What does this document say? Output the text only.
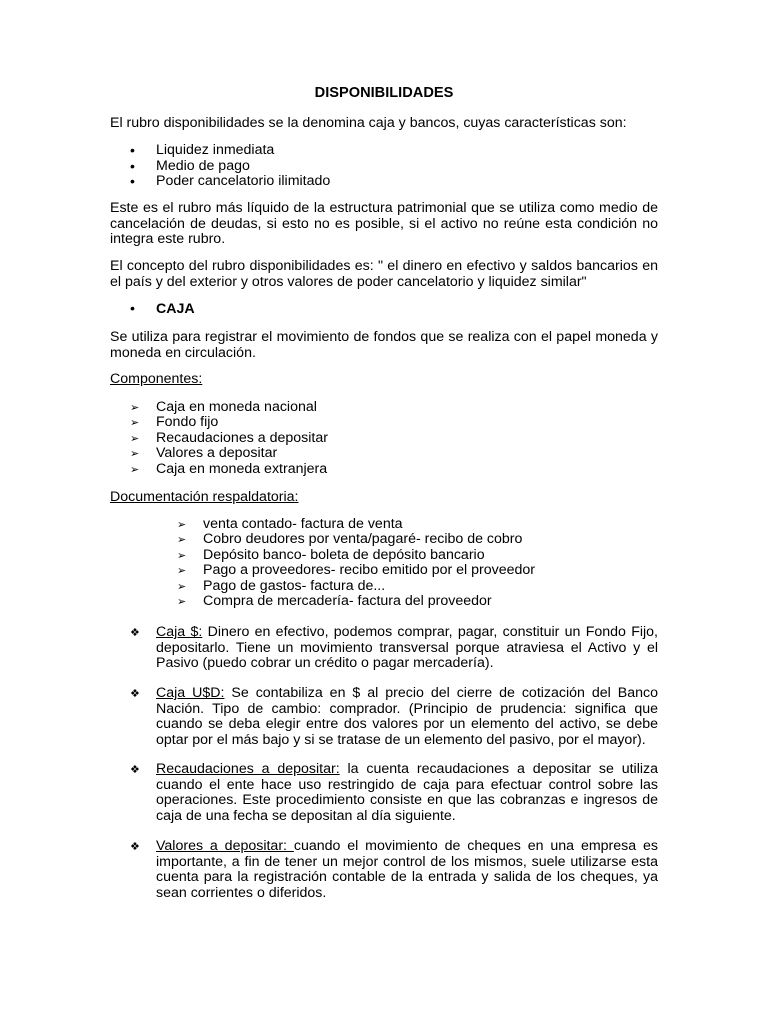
DISPONIBILIDADES

El rubro disponibilidades se la denomina caja y bancos, cuyas características son:

• Liquidez inmediata
• Medio de pago
• Poder cancelatorio ilimitado

Este es el rubro más líquido de la estructura patrimonial que se utiliza como medio de cancelación de deudas, si esto no es posible, si el activo no reúne esta condición no integra este rubro.

El concepto del rubro disponibilidades es: " el dinero en efectivo y saldos bancarios en el país y del exterior y otros valores de poder cancelatorio y liquidez similar"

• CAJA

Se utiliza para registrar el movimiento de fondos que se realiza con el papel moneda y moneda en circulación.

Componentes:
➢ Caja en moneda nacional
➢ Fondo fijo
➢ Recaudaciones a depositar
➢ Valores a depositar
➢ Caja en moneda extranjera
Documentación respaldatoria:
➢ venta contado- factura de venta
➢ Cobro deudores por venta/pagaré- recibo de cobro
➢ Depósito banco- boleta de depósito bancario
➢ Pago a proveedores- recibo emitido por el proveedor
➢ Pago de gastos- factura de...
➢ Compra de mercadería- factura del proveedor
❖ Caja $: Dinero en efectivo, podemos comprar, pagar, constituir un Fondo Fijo, depositarlo. Tiene un movimiento transversal porque atraviesa el Activo y el Pasivo (puedo cobrar un crédito o pagar mercadería).
❖ Caja U$D: Se contabiliza en $ al precio del cierre de cotización del Banco Nación. Tipo de cambio: comprador. (Principio de prudencia: significa que cuando se deba elegir entre dos valores por un elemento del activo, se debe optar por el más bajo y si se tratase de un elemento del pasivo, por el mayor).
❖ Recaudaciones a depositar: la cuenta recaudaciones a depositar se utiliza cuando el ente hace uso restringido de caja para efectuar control sobre las operaciones. Este procedimiento consiste en que las cobranzas e ingresos de caja de una fecha se depositan al día siguiente.
❖ Valores a depositar: cuando el movimiento de cheques en una empresa es importante, a fin de tener un mejor control de los mismos, suele utilizarse esta cuenta para la registración contable de la entrada y salida de los cheques, ya sean corrientes o diferidos.
